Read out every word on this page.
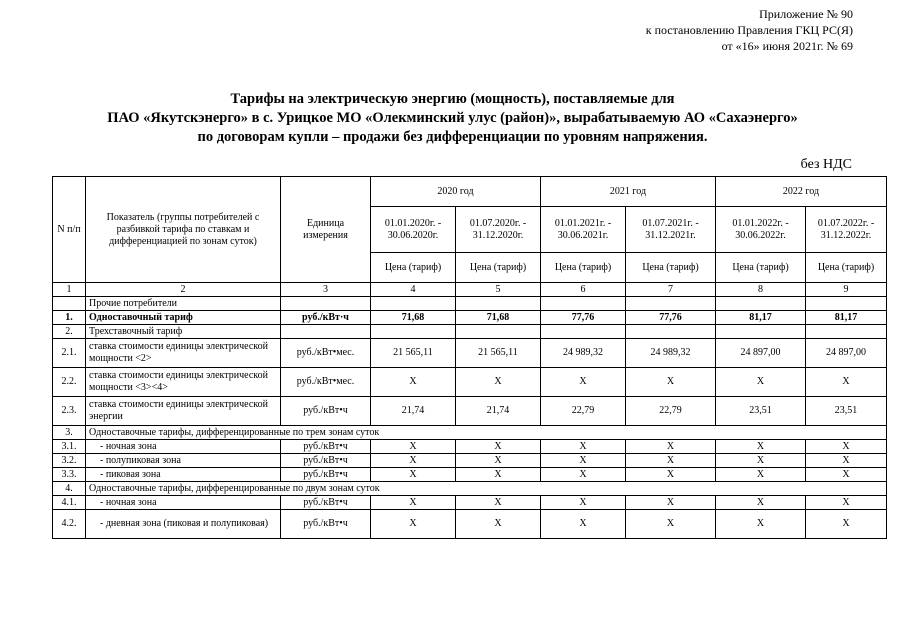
Приложение № 90
к постановлению Правления ГКЦ РС(Я)
от «16» июня 2021г. № 69
Тарифы на электрическую энергию (мощность), поставляемые для
ПАО «Якутскэнерго» в с. Урицкое МО «Олекминский улус (район)», вырабатываемую АО «Сахаэнерго»
по договорам купли – продажи без дифференциации по уровням напряжения.
без НДС
N п/п	Показатель (группы потребителей с разбивкой тарифа по ставкам и дифференциацией по зонам суток)	Единица измерения	2020 год		2021 год		2022 год	
			01.01.2020г. - 30.06.2020г.	01.07.2020г. - 31.12.2020г.	01.01.2021г. - 30.06.2021г.	01.07.2021г. - 31.12.2021г.	01.01.2022г. - 30.06.2022г.	01.07.2022г. - 31.12.2022г.
			Цена (тариф)	Цена (тариф)	Цена (тариф)	Цена (тариф)	Цена (тариф)	Цена (тариф)
1	2	3	4	5	6	7	8	9
	Прочие потребители							
1.	Одноставочный тариф	руб./кВт·ч	71,68	71,68	77,76	77,76	81,17	81,17
2.	Трехставочный тариф							
2.1.	ставка стоимости единицы электрической мощности <2>	руб./кВт•мес.	21 565,11	21 565,11	24 989,32	24 989,32	24 897,00	24 897,00
2.2.	ставка стоимости единицы электрической мощности <3><4>	руб./кВт•мес.	X	X	X	X	X	X
2.3.	ставка стоимости единицы электрической энергии	руб./кВт•ч	21,74	21,74	22,79	22,79	23,51	23,51
3.	Одноставочные тарифы, дифференцированные по трем зонам суток							
3.1.	- ночная зона	руб./кВт•ч	X	X	X	X	X	X
3.2.	- полупиковая зона	руб./кВт•ч	X	X	X	X	X	X
3.3.	- пиковая зона	руб./кВт•ч	X	X	X	X	X	X
4.	Одноставочные тарифы, дифференцированные по двум зонам суток							
4.1.	- ночная зона	руб./кВт•ч	X	X	X	X	X	X
4.2.	- дневная зона (пиковая и полупиковая)	руб./кВт•ч	X	X	X	X	X	X
